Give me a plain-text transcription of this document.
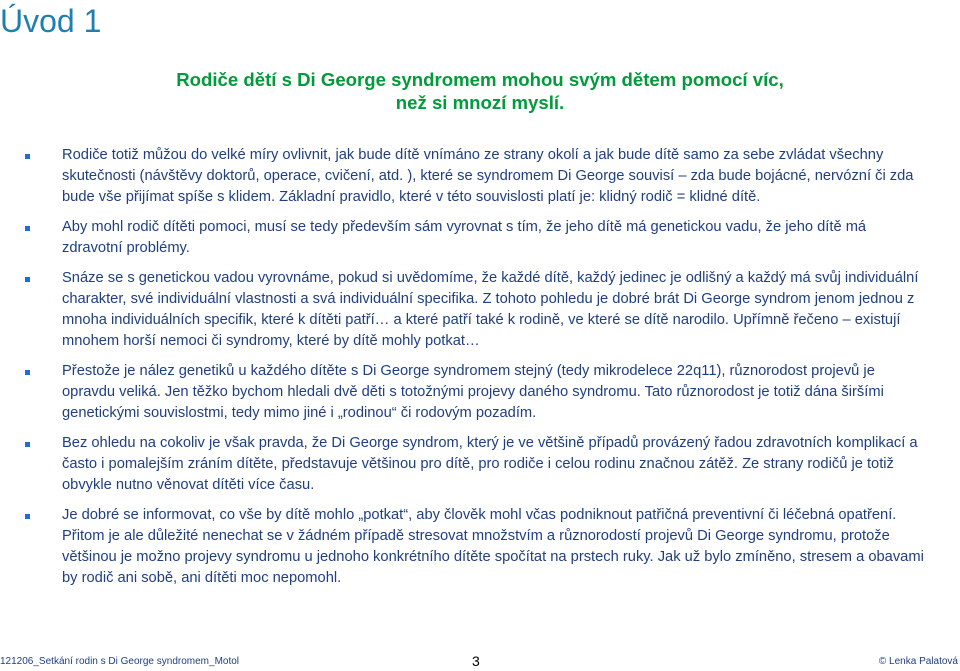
Úvod 1
Rodiče dětí s Di George syndromem mohou svým dětem pomocí víc,
než si mnozí myslí.
Rodiče totiž můžou do velké míry ovlivnit, jak bude dítě vnímáno ze strany okolí a jak bude dítě samo za sebe zvládat všechny skutečnosti (návštěvy doktorů, operace, cvičení, atd. ), které se syndromem Di George souvisí – zda bude bojácné, nervózní či zda bude vše přijímat spíše s klidem. Základní pravidlo, které v této souvislosti platí je: klidný rodič = klidné dítě.
Aby mohl rodič dítěti pomoci, musí se tedy především sám vyrovnat s tím, že jeho dítě má genetickou vadu, že jeho dítě má zdravotní problémy.
Snáze se s genetickou vadou vyrovnáme, pokud si uvědomíme, že každé dítě, každý jedinec je odlišný a každý má svůj individuální charakter, své individuální vlastnosti a svá individuální specifika. Z tohoto pohledu je dobré brát Di George syndrom jenom jednou z mnoha individuálních specifik, které k dítěti patří… a které patří také k rodině, ve které se dítě narodilo. Upřímně řečeno – existují mnohem horší nemoci či syndromy, které by dítě mohly potkat…
Přestože je nález genetiků u každého dítěte s Di George syndromem stejný (tedy mikrodelece 22q11), různorodost projevů je opravdu veliká. Jen těžko bychom hledali dvě děti s totožnými projevy daného syndromu. Tato různorodost je totiž dána širšími genetickými souvislostmi, tedy mimo jiné i „rodinou“ či rodovým pozadím.
Bez ohledu na cokoliv je však pravda, že Di George syndrom, který je ve většině případů provázený řadou zdravotních komplikací a často i pomalejším zráním dítěte, představuje většinou pro dítě, pro rodiče i celou rodinu značnou zátěž. Ze strany rodičů je totiž obvykle nutno věnovat dítěti více času.
Je dobré se informovat, co vše by dítě mohlo „potkat“, aby člověk mohl včas podniknout patřičná preventivní či léčebná opatření. Přitom je ale důležité nenechat se v žádném případě stresovat množstvím a různorodostí projevů Di George syndromu, protože většinou je možno projevy syndromu u jednoho konkrétního dítěte spočítat na prstech ruky. Jak už bylo zmíněno, stresem a obavami by rodič ani sobě, ani dítěti moc nepomohl.
121206_Setkání rodin s Di George syndromem_Motol	3	© Lenka Palatová
